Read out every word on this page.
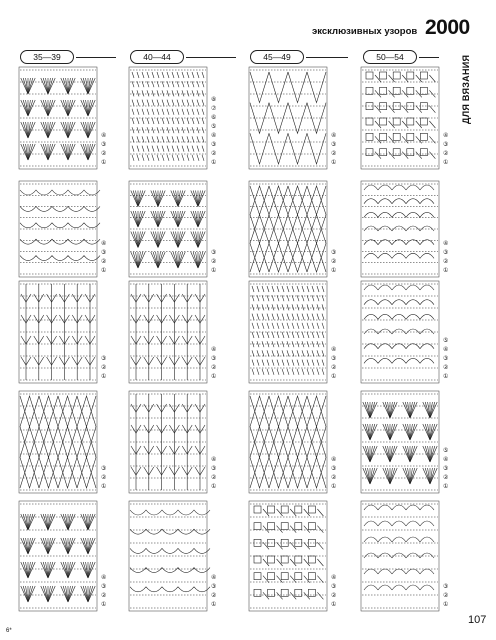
эксклюзивных узоров 2000
ДЛЯ ВЯЗАНИЯ
35—39	40—44	45—49	50—54
④
③
②
①
④
③
②
①
③
②
①
③
②
①
④
③
②
①
⑧
⑦
⑥
⑤
④
③
②
①
③
②
①
④
③
②
①
④
③
②
①
④
③
②
①
④
③
②
①
③
②
①
④
③
②
①
④
③
②
①
④
③
②
①
④
③
②
①
④
③
②
①
⑤
④
③
②
①
⑤
④
③
②
①
③
②
①
107
6*
